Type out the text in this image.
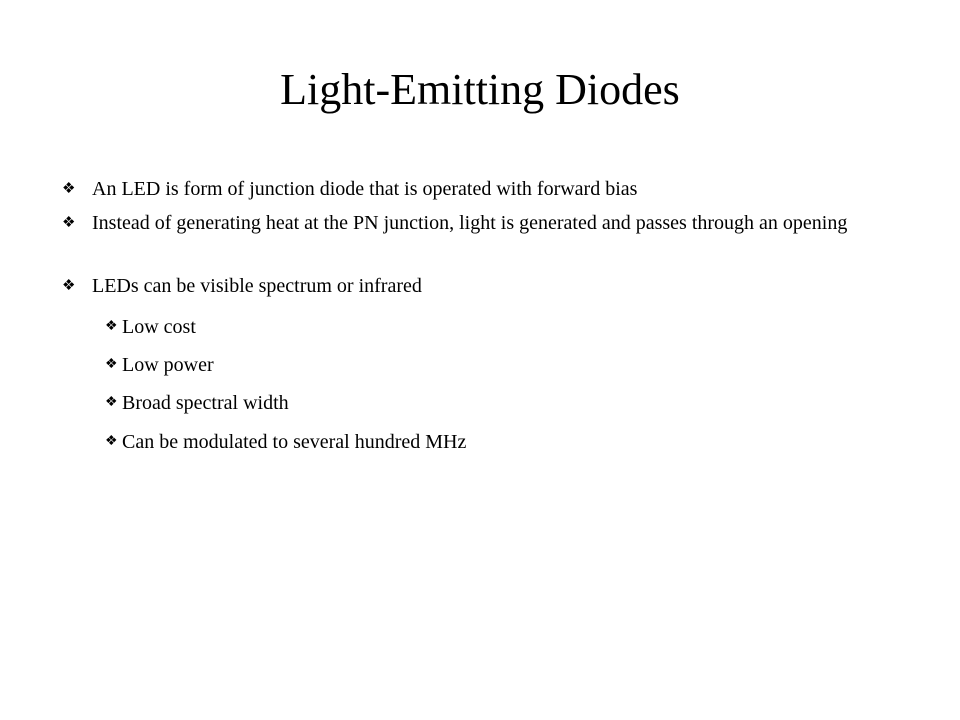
Light-Emitting Diodes
❖ An LED is form of junction diode that is operated with forward bias
❖ Instead of generating heat at the PN junction, light is generated and passes through an opening
❖ LEDs can be visible spectrum or infrared
❖ Low cost
❖ Low power
❖ Broad spectral width
❖ Can be modulated to several hundred MHz
